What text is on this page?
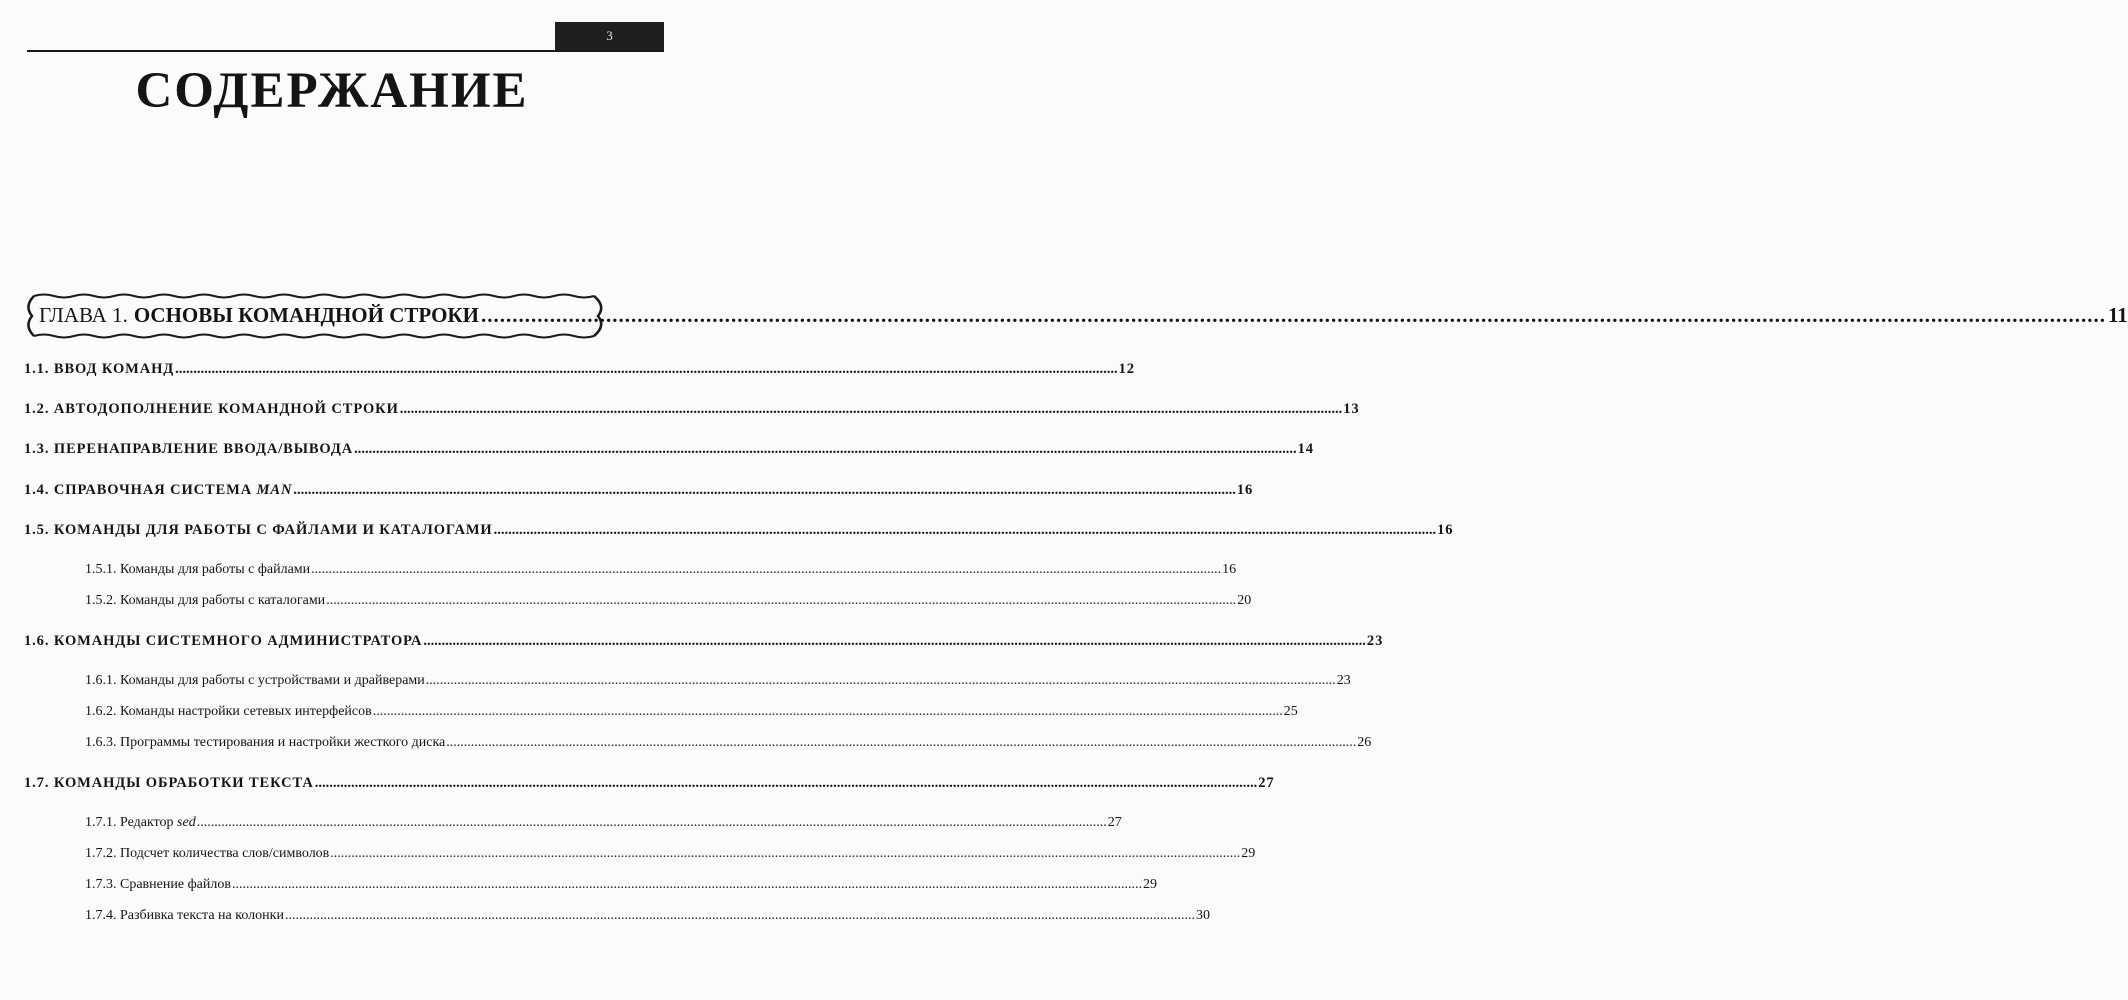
3
СОДЕРЖАНИЕ
ГЛАВА 1. ОСНОВЫ КОМАНДНОЙ СТРОКИ .................................................................................................................................................................................................................................................................... 11
1.1. ВВОД КОМАНД .................................................................................................................................................................................................................................................................... 12
1.2. АВТОДОПОЛНЕНИЕ КОМАНДНОЙ СТРОКИ .................................................................................................................................................................................................................................................................... 13
1.3. ПЕРЕНАПРАВЛЕНИЕ ВВОДА/ВЫВОДА .................................................................................................................................................................................................................................................................... 14
1.4. СПРАВОЧНАЯ СИСТЕМА MAN .................................................................................................................................................................................................................................................................... 16
1.5. КОМАНДЫ ДЛЯ РАБОТЫ С ФАЙЛАМИ И КАТАЛОГАМИ .................................................................................................................................................................................................................................................................... 16
1.5.1. Команды для работы с файлами .................................................................................................................................................................................................................................................................... 16
1.5.2. Команды для работы с каталогами .................................................................................................................................................................................................................................................................... 20
1.6. КОМАНДЫ СИСТЕМНОГО АДМИНИСТРАТОРА .................................................................................................................................................................................................................................................................... 23
1.6.1. Команды для работы с устройствами и драйверами .................................................................................................................................................................................................................................................................... 23
1.6.2. Команды настройки сетевых интерфейсов .................................................................................................................................................................................................................................................................... 25
1.6.3. Программы тестирования и настройки жесткого диска .................................................................................................................................................................................................................................................................... 26
1.7. КОМАНДЫ ОБРАБОТКИ ТЕКСТА .................................................................................................................................................................................................................................................................... 27
1.7.1. Редактор sed .................................................................................................................................................................................................................................................................... 27
1.7.2. Подсчет количества слов/символов .................................................................................................................................................................................................................................................................... 29
1.7.3. Сравнение файлов .................................................................................................................................................................................................................................................................... 29
1.7.4. Разбивка текста на колонки .................................................................................................................................................................................................................................................................... 30
